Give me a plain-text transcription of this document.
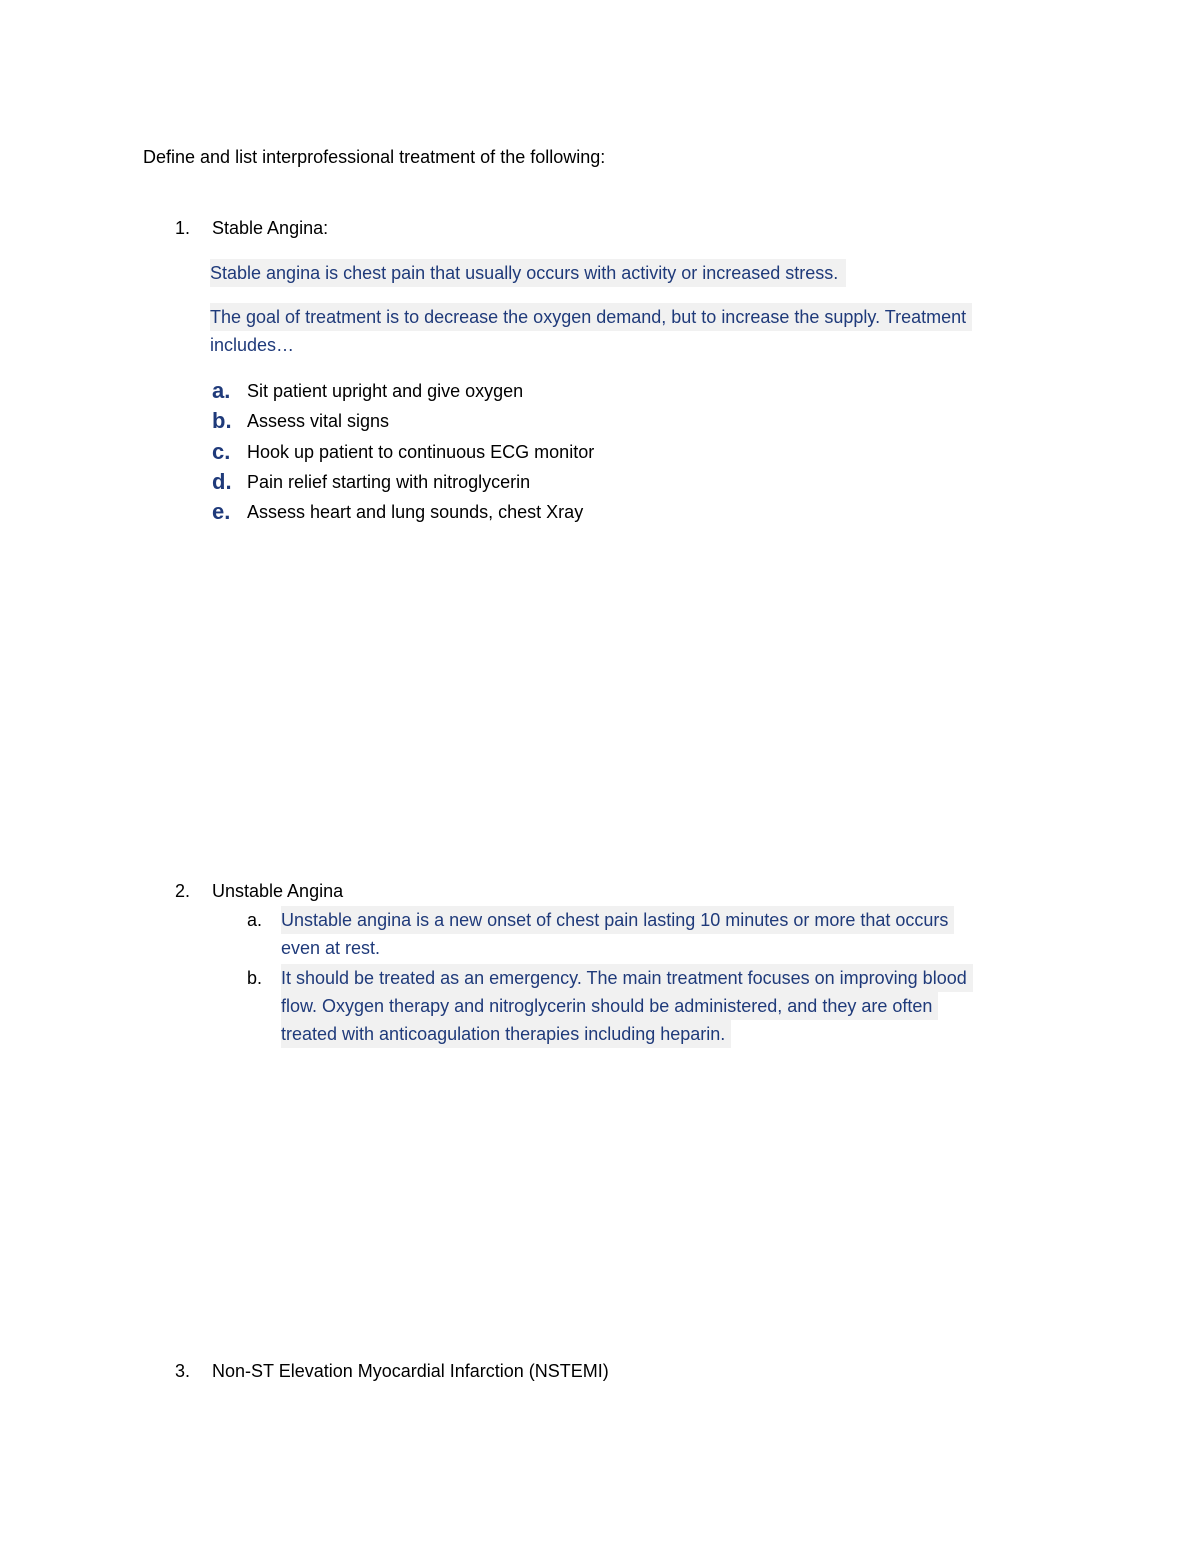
Define and list interprofessional treatment of the following:
1. Stable Angina:
Stable angina is chest pain that usually occurs with activity or increased stress.
The goal of treatment is to decrease the oxygen demand, but to increase the supply. Treatment
includes…
a. Sit patient upright and give oxygen
b. Assess vital signs
c. Hook up patient to continuous ECG monitor
d. Pain relief starting with nitroglycerin
e. Assess heart and lung sounds, chest Xray
2. Unstable Angina
a. Unstable angina is a new onset of chest pain lasting 10 minutes or more that occurs
even at rest.
b. It should be treated as an emergency. The main treatment focuses on improving blood
flow. Oxygen therapy and nitroglycerin should be administered, and they are often
treated with anticoagulation therapies including heparin.
3. Non-ST Elevation Myocardial Infarction (NSTEMI)
